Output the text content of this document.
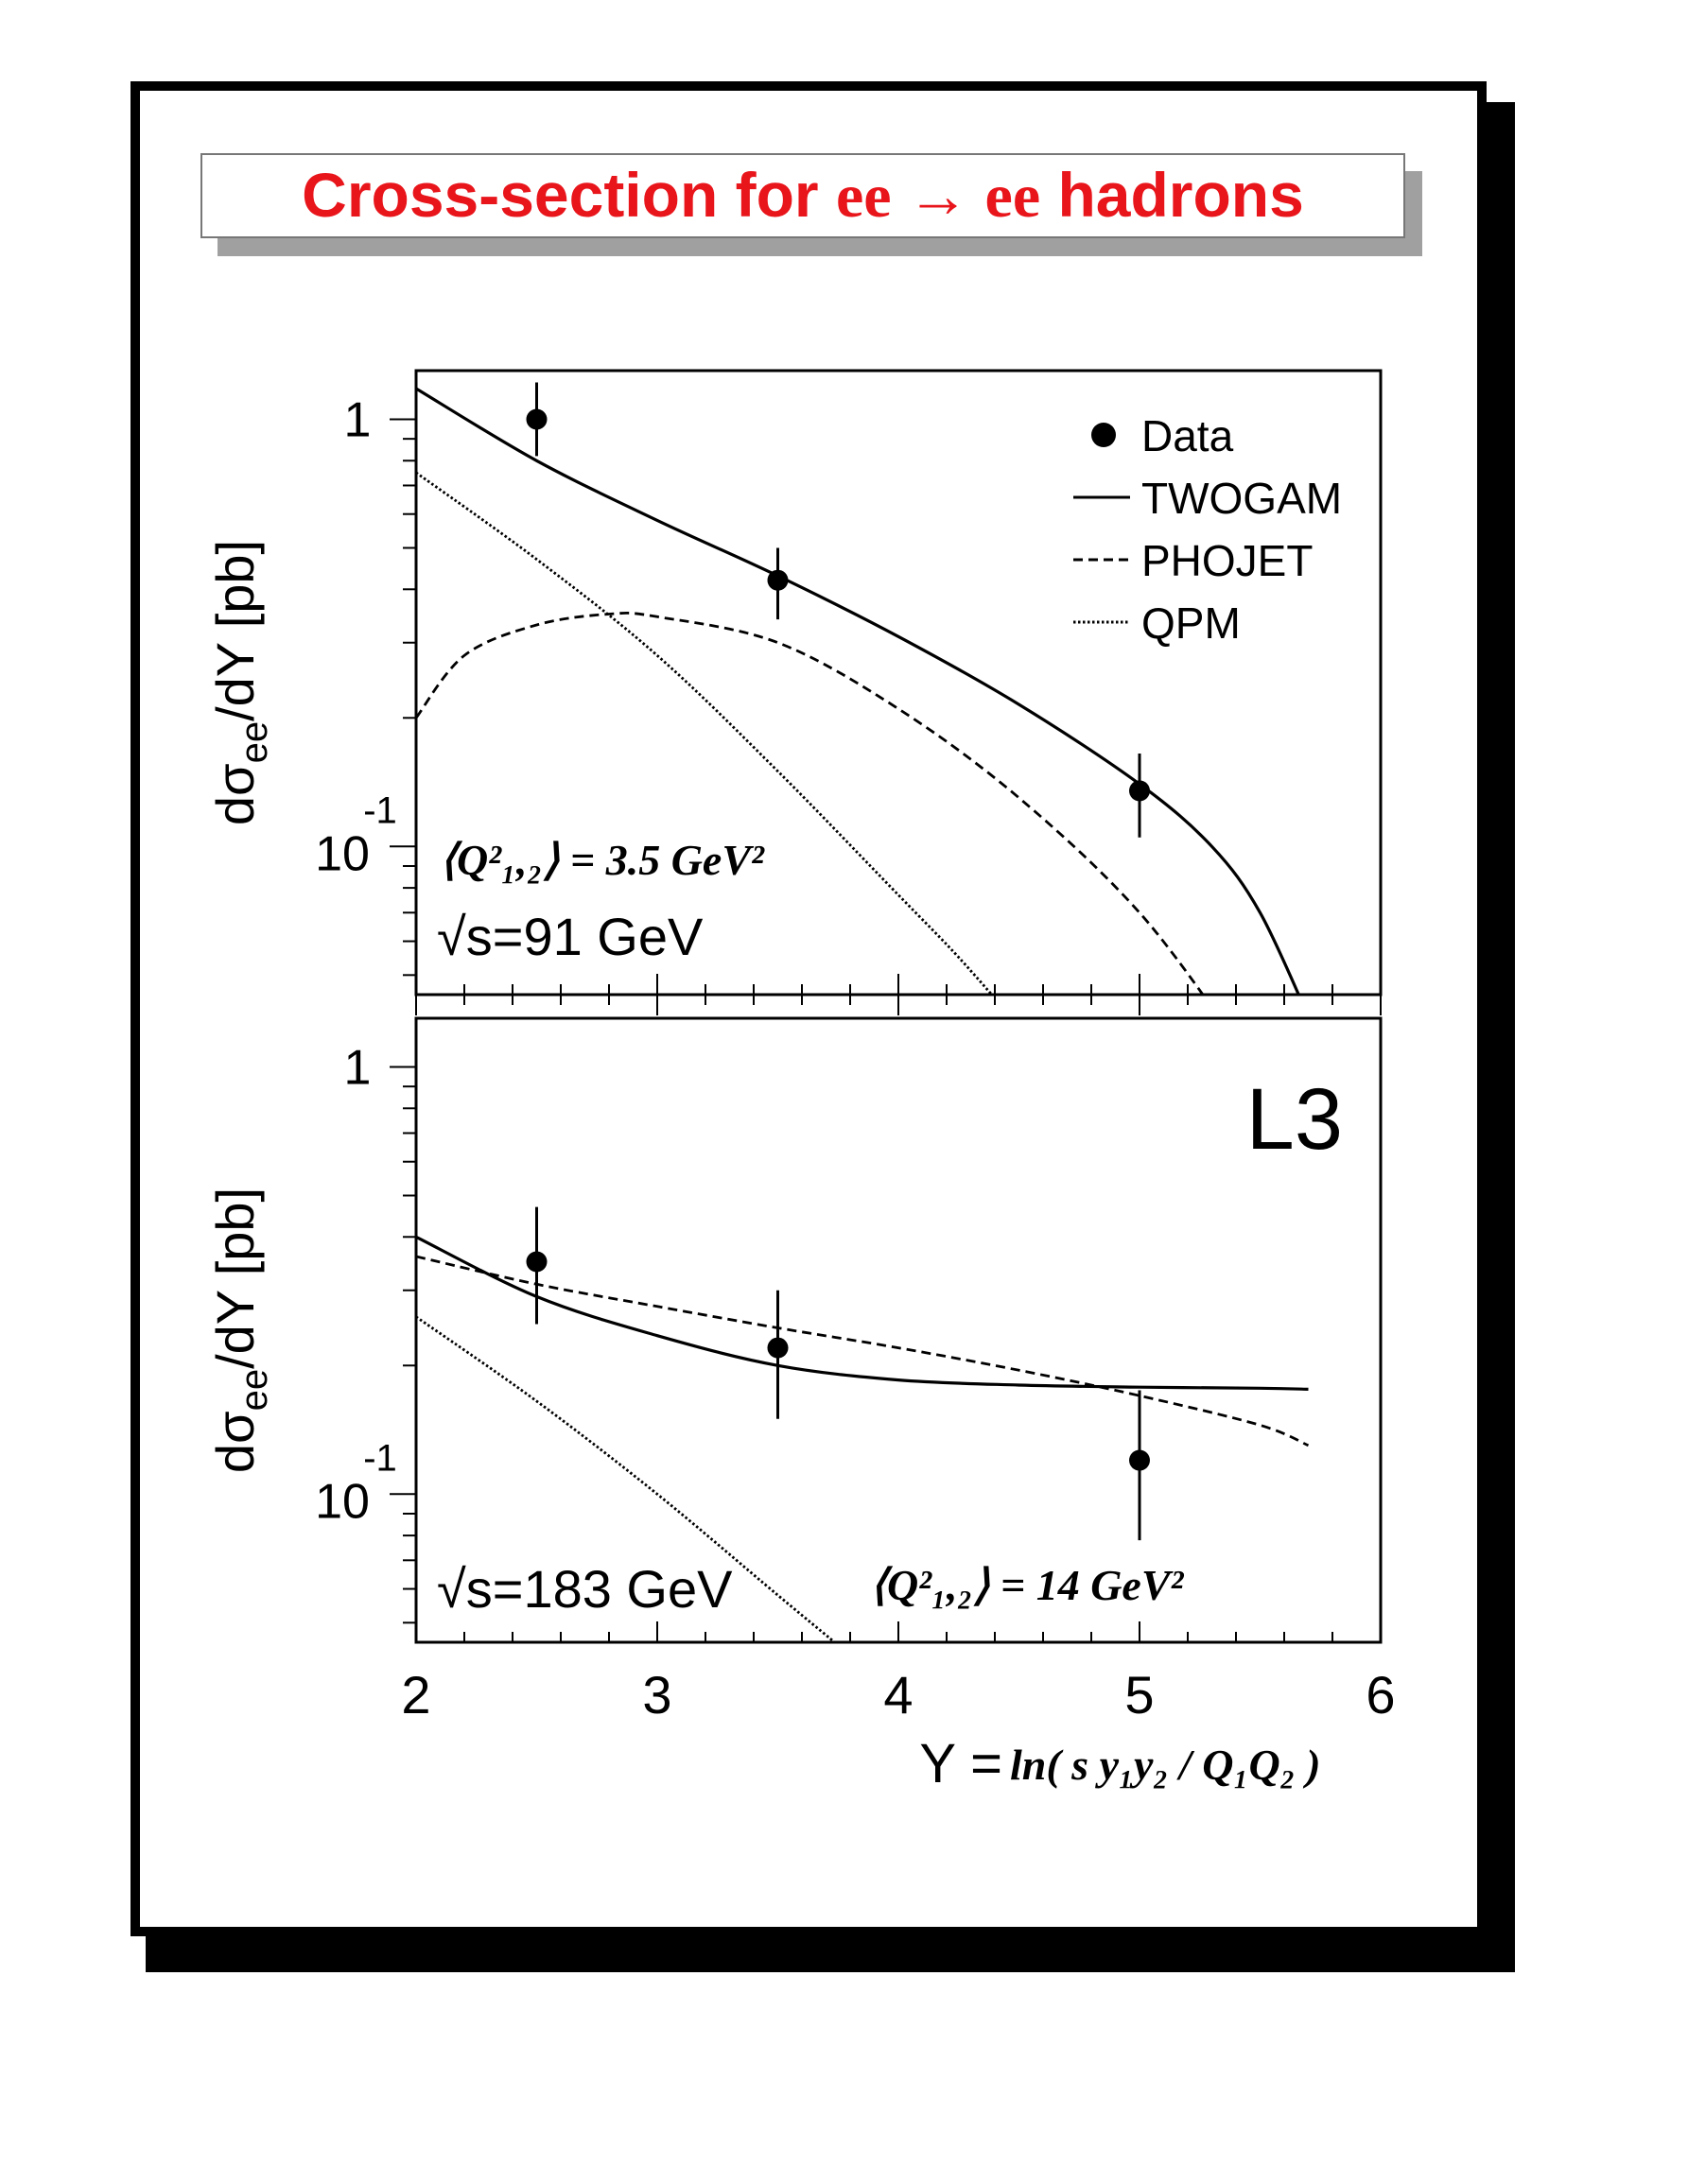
Cross-section for ee → ee hadrons
1
10
-1
$d\sigma_{ee}/dY$ [pb]
⟨Q²₁,₂⟩ = 3.5 GeV²
√s=91 GeV
Data
TWOGAM
PHOJET
QPM
1
10
-1
$d\sigma_{ee}/dY$ [pb]
√s=183 GeV	⟨Q²₁,₂⟩ = 14 GeV²
L3
2	3	4	5	6
Y = ln( s y₁y₂ / Q₁Q₂ )
